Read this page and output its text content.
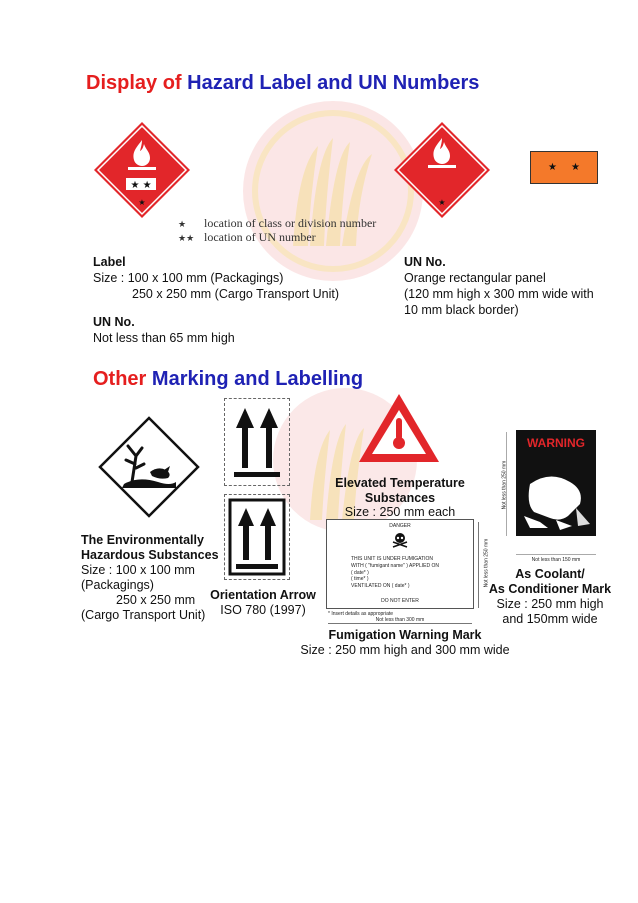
Display of Hazard Label and UN Numbers
★ ★
★	★
★★
★ location of class or division number
★★ location of UN number
Label
Size : 100 x 100 mm (Packagings)
250 x 250 mm (Cargo Transport Unit)
UN No.
Orange rectangular panel
(120 mm high x 300 mm wide with
10 mm black border)
UN No.
Not less than 65 mm high
Other Marking and Labelling
Elevated Temperature
Substances
Size : 250 mm each
DANGER
THIS UNIT IS UNDER FUMIGATION
WITH ( "fumigant name" ) APPLIED ON
( date* )
( time* )
VENTILATED ON ( date* )
DO NOT ENTER
Not less than 250 mm
* Insert details as appropriate
Not less than 300 mm
WARNING
Not less than 250 mm
Not less than 150 mm
The Environmentally
Hazardous Substances
Size : 100 x 100 mm
(Packagings)
250 x 250 mm
(Cargo Transport Unit)
Orientation Arrow
ISO 780 (1997)
Fumigation Warning Mark
Size : 250 mm high and 300 mm wide
As Coolant/
As Conditioner Mark
Size : 250 mm high
and 150mm wide
